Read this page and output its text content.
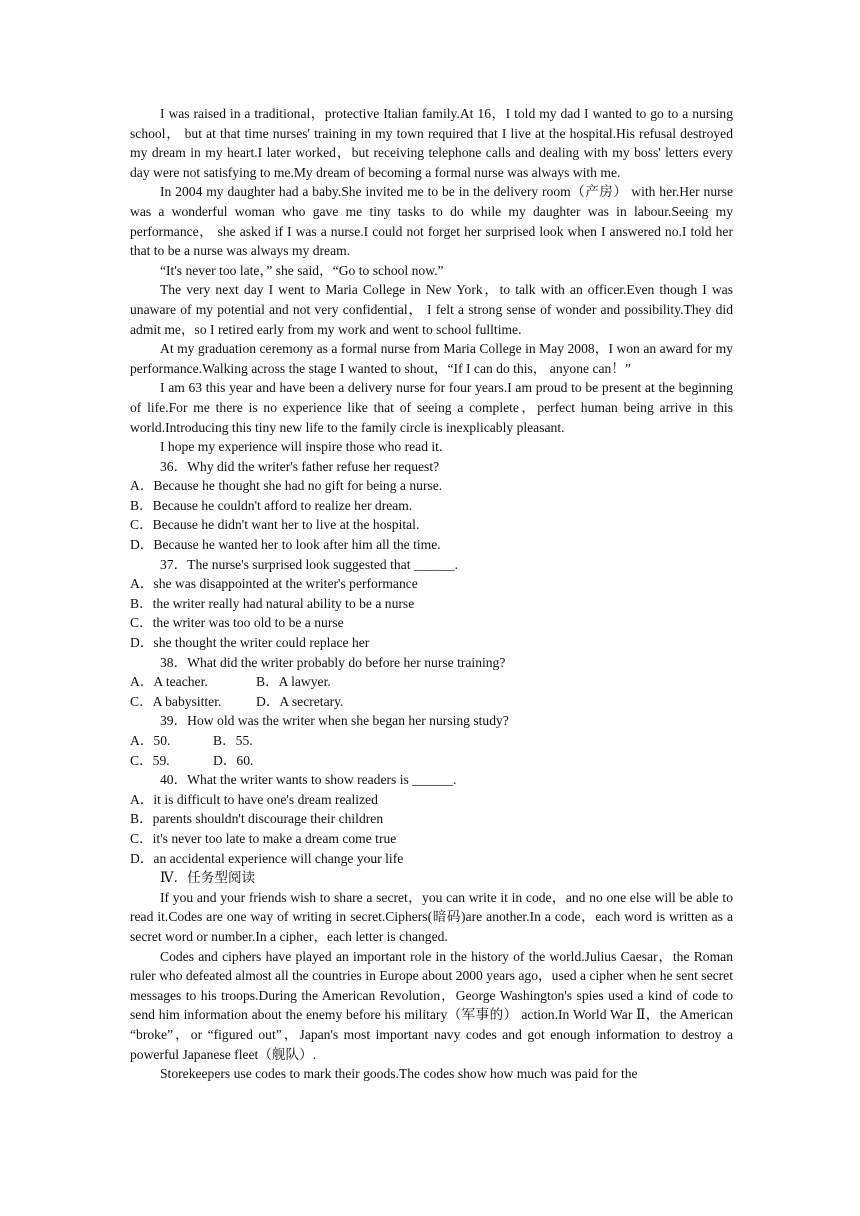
I was raised in a traditional，protective Italian family.At 16，I told my dad I wanted to go to a nursing school， but at that time nurses' training in my town required that I live at the hospital.His refusal destroyed my dream in my heart.I later worked，but receiving telephone calls and dealing with my boss' letters every day were not satisfying to me.My dream of becoming a formal nurse was always with me.

In 2004 my daughter had a baby.She invited me to be in the delivery room（产房） with her.Her nurse was a wonderful woman who gave me tiny tasks to do while my daughter was in labour.Seeing my performance， she asked if I was a nurse.I could not forget her surprised look when I answered no.I told her that to be a nurse was always my dream.

“It's never too late，” she said，“Go to school now.”

The very next day I went to Maria College in New York，to talk with an officer.Even though I was unaware of my potential and not very confidential， I felt a strong sense of wonder and possibility.They did admit me，so I retired early from my work and went to school fulltime.

At my graduation ceremony as a formal nurse from Maria College in May 2008，I won an award for my performance.Walking across the stage I wanted to shout，“If I can do this， anyone can！”

I am 63 this year and have been a delivery nurse for four years.I am proud to be present at the beginning of life.For me there is no experience like that of seeing a complete，perfect human being arrive in this world.Introducing this tiny new life to the family circle is inexplicably pleasant.

I hope my experience will inspire those who read it.

36．Why did the writer's father refuse her request?

A．Because he thought she had no gift for being a nurse.

B．Because he couldn't afford to realize her dream.

C．Because he didn't want her to live at the hospital.

D．Because he wanted her to look after him all the time.

37．The nurse's surprised look suggested that ______.

A．she was disappointed at the writer's performance

B．the writer really had natural ability to be a nurse

C．the writer was too old to be a nurse

D．she thought the writer could replace her

38．What did the writer probably do before her nurse training?

A．A teacher.	B．A lawyer.

C．A babysitter.	D．A secretary.

39．How old was the writer when she began her nursing study?

A．50.	B．55.

C．59.	D．60.

40．What the writer wants to show readers is ______.

A．it is difficult to have one's dream realized

B．parents shouldn't discourage their children

C．it's never too late to make a dream come true

D．an accidental experience will change your life

Ⅳ．任务型阅读

If you and your friends wish to share a secret，you can write it in code，and no one else will be able to read it.Codes are one way of writing in secret.Ciphers(暗码)are another.In a code，each word is written as a secret word or number.In a cipher，each letter is changed.

Codes and ciphers have played an important role in the history of the world.Julius Caesar，the Roman ruler who defeated almost all the countries in Europe about 2000 years ago，used a cipher when he sent secret messages to his troops.During the American Revolution，George Washington's spies used a kind of code to send him information about the enemy before his military（军事的） action.In World War Ⅱ，the American “broke”，or “figured out”，Japan's most important navy codes and got enough information to destroy a powerful Japanese fleet（舰队）.

Storekeepers use codes to mark their goods.The codes show how much was paid for the
